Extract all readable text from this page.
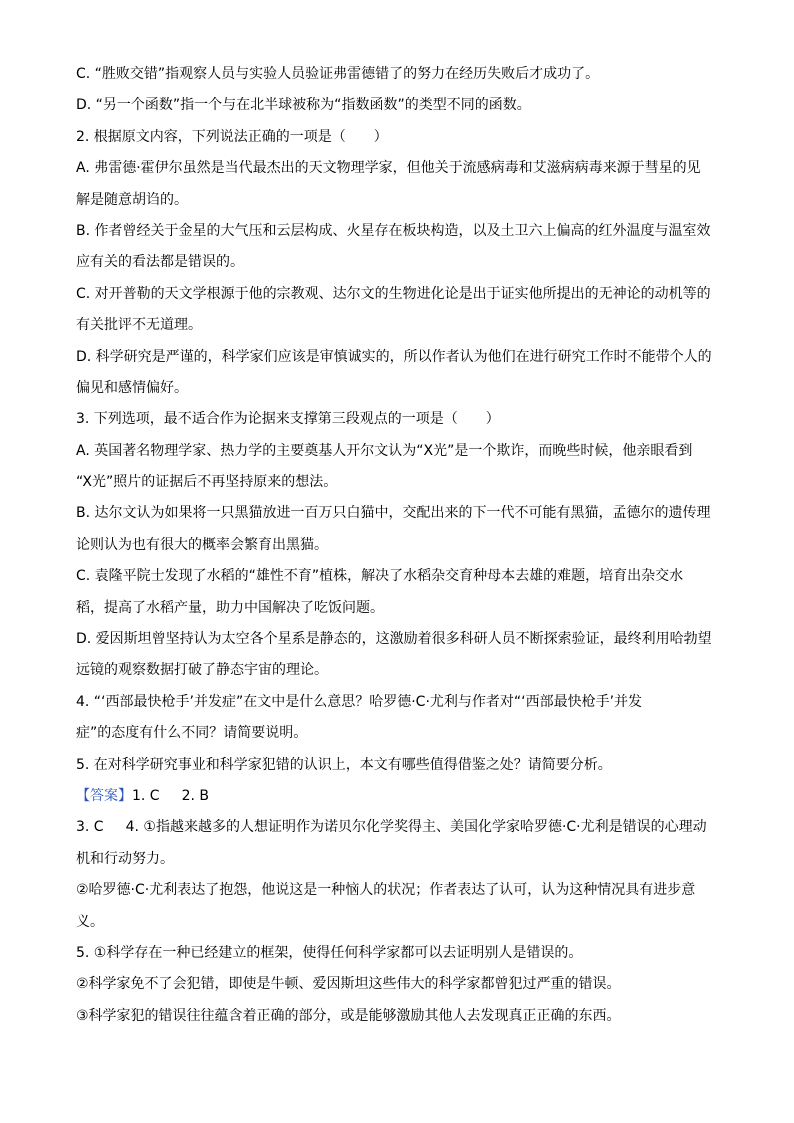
C. “胜败交错”指观察人员与实验人员验证弗雷德错了的努力在经历失败后才成功了。
D. “另一个函数”指一个与在北半球被称为“指数函数”的类型不同的函数。
2. 根据原文内容，下列说法正确的一项是（　　）
A. 弗雷德·霍伊尔虽然是当代最杰出的天文物理学家，但他关于流感病毒和艾滋病病毒来源于彗星的见
解是随意胡诌的。
B. 作者曾经关于金星的大气压和云层构成、火星存在板块构造，以及土卫六上偏高的红外温度与温室效
应有关的看法都是错误的。
C. 对开普勒的天文学根源于他的宗教观、达尔文的生物进化论是出于证实他所提出的无神论的动机等的
有关批评不无道理。
D. 科学研究是严谨的，科学家们应该是审慎诚实的，所以作者认为他们在进行研究工作时不能带个人的
偏见和感情偏好。
3. 下列选项，最不适合作为论据来支撑第三段观点的一项是（　　）
A. 英国著名物理学家、热力学的主要奠基人开尔文认为“X光”是一个欺诈，而晚些时候，他亲眼看到
“X光”照片的证据后不再坚持原来的想法。
B. 达尔文认为如果将一只黑猫放进一百万只白猫中，交配出来的下一代不可能有黑猫，孟德尔的遗传理
论则认为也有很大的概率会繁育出黑猫。
C. 袁隆平院士发现了水稻的“雄性不育”植株，解决了水稻杂交育种母本去雄的难题，培育出杂交水
稻，提高了水稻产量，助力中国解决了吃饭问题。
D. 爱因斯坦曾坚持认为太空各个星系是静态的，这激励着很多科研人员不断探索验证，最终利用哈勃望
远镜的观察数据打破了静态宇宙的理论。
4. “‘西部最快枪手’并发症”在文中是什么意思？哈罗德·C·尤利与作者对“‘西部最快枪手’并发
症”的态度有什么不同？请简要说明。
5. 在对科学研究事业和科学家犯错的认识上，本文有哪些值得借鉴之处？请简要分析。
【答案】1. C 2. B
3. C 4. ①指越来越多的人想证明作为诺贝尔化学奖得主、美国化学家哈罗德·C·尤利是错误的心理动
机和行动努力。
②哈罗德·C·尤利表达了抱怨，他说这是一种恼人的状况；作者表达了认可，认为这种情况具有进步意
义。
5. ①科学存在一种已经建立的框架，使得任何科学家都可以去证明别人是错误的。
②科学家免不了会犯错，即使是牛顿、爱因斯坦这些伟大的科学家都曾犯过严重的错误。
③科学家犯的错误往往蕴含着正确的部分，或是能够激励其他人去发现真正正确的东西。
